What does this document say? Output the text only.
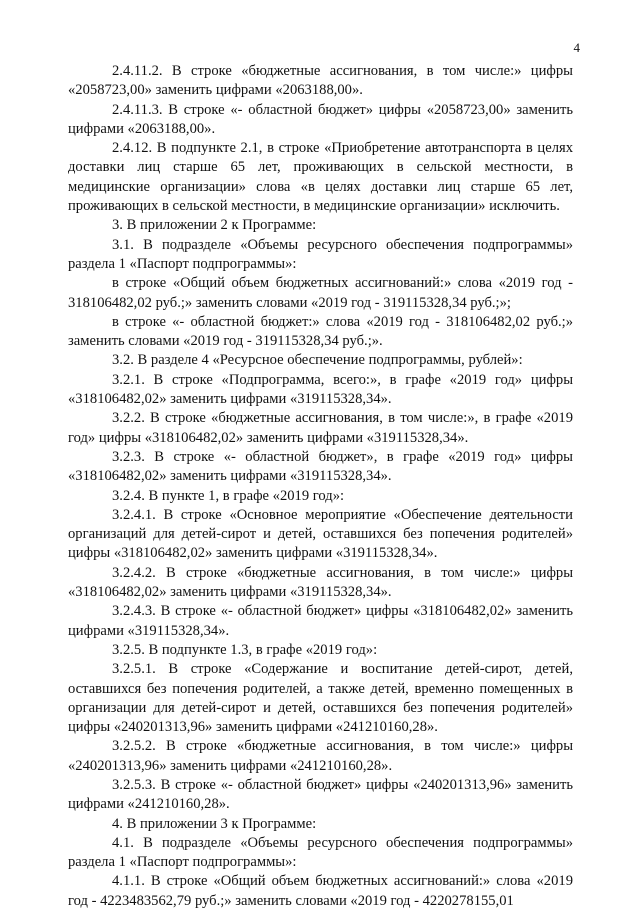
4

2.4.11.2. В строке «бюджетные ассигнования, в том числе:» цифры «2058723,00» заменить цифрами «2063188,00».

2.4.11.3. В строке «- областной бюджет» цифры «2058723,00» заменить цифрами «2063188,00».

2.4.12. В подпункте 2.1, в строке «Приобретение автотранспорта в целях доставки лиц старше 65 лет, проживающих в сельской местности, в медицинские организации» слова «в целях доставки лиц старше 65 лет, проживающих в сельской местности, в медицинские организации» исключить.

3. В приложении 2 к Программе:

3.1. В подразделе «Объемы ресурсного обеспечения подпрограммы» раздела 1 «Паспорт подпрограммы»:

в строке «Общий объем бюджетных ассигнований:» слова «2019 год - 318106482,02 руб.;» заменить словами «2019 год - 319115328,34 руб.;»;

в строке «- областной бюджет:» слова «2019 год - 318106482,02 руб.;» заменить словами «2019 год - 319115328,34 руб.;».

3.2. В разделе 4 «Ресурсное обеспечение подпрограммы, рублей»:

3.2.1. В строке «Подпрограмма, всего:», в графе «2019 год» цифры «318106482,02» заменить цифрами «319115328,34».

3.2.2. В строке «бюджетные ассигнования, в том числе:», в графе «2019 год» цифры «318106482,02» заменить цифрами «319115328,34».

3.2.3. В строке «- областной бюджет», в графе «2019 год» цифры «318106482,02» заменить цифрами «319115328,34».

3.2.4. В пункте 1, в графе «2019 год»:

3.2.4.1. В строке «Основное мероприятие «Обеспечение деятельности организаций для детей-сирот и детей, оставшихся без попечения родителей» цифры «318106482,02» заменить цифрами «319115328,34».

3.2.4.2. В строке «бюджетные ассигнования, в том числе:» цифры «318106482,02» заменить цифрами «319115328,34».

3.2.4.3. В строке «- областной бюджет» цифры «318106482,02» заменить цифрами «319115328,34».

3.2.5. В подпункте 1.3, в графе «2019 год»:

3.2.5.1. В строке «Содержание и воспитание детей-сирот, детей, оставшихся без попечения родителей, а также детей, временно помещенных в организации для детей-сирот и детей, оставшихся без попечения родителей» цифры «240201313,96» заменить цифрами «241210160,28».

3.2.5.2. В строке «бюджетные ассигнования, в том числе:» цифры «240201313,96» заменить цифрами «241210160,28».

3.2.5.3. В строке «- областной бюджет» цифры «240201313,96» заменить цифрами «241210160,28».

4. В приложении 3 к Программе:

4.1. В подразделе «Объемы ресурсного обеспечения подпрограммы» раздела 1 «Паспорт подпрограммы»:

4.1.1. В строке «Общий объем бюджетных ассигнований:» слова «2019 год - 4223483562,79 руб.;» заменить словами «2019 год - 4220278155,01
